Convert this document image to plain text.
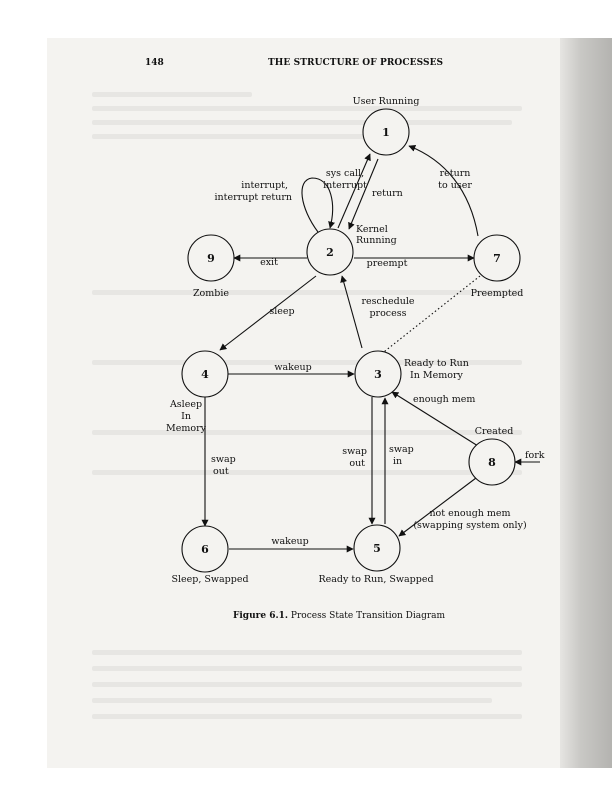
148	THE STRUCTURE OF PROCESSES
1
2
3
4
5
6
7
8
9
User Running
Kernel
Running
Ready to Run
In Memory
Asleep
In
Memory
Ready to Run, Swapped
Sleep, Swapped
Preempted
Created
Zombie
sys call,
interrupt
return
interrupt,
interrupt return
return
to user
exit	preempt
reschedule
process
sleep
wakeup
enough mem
swap
out
swap
out
swap
in
fork
not enough mem
(swapping system only)
wakeup
Figure 6.1. Process State Transition Diagram
